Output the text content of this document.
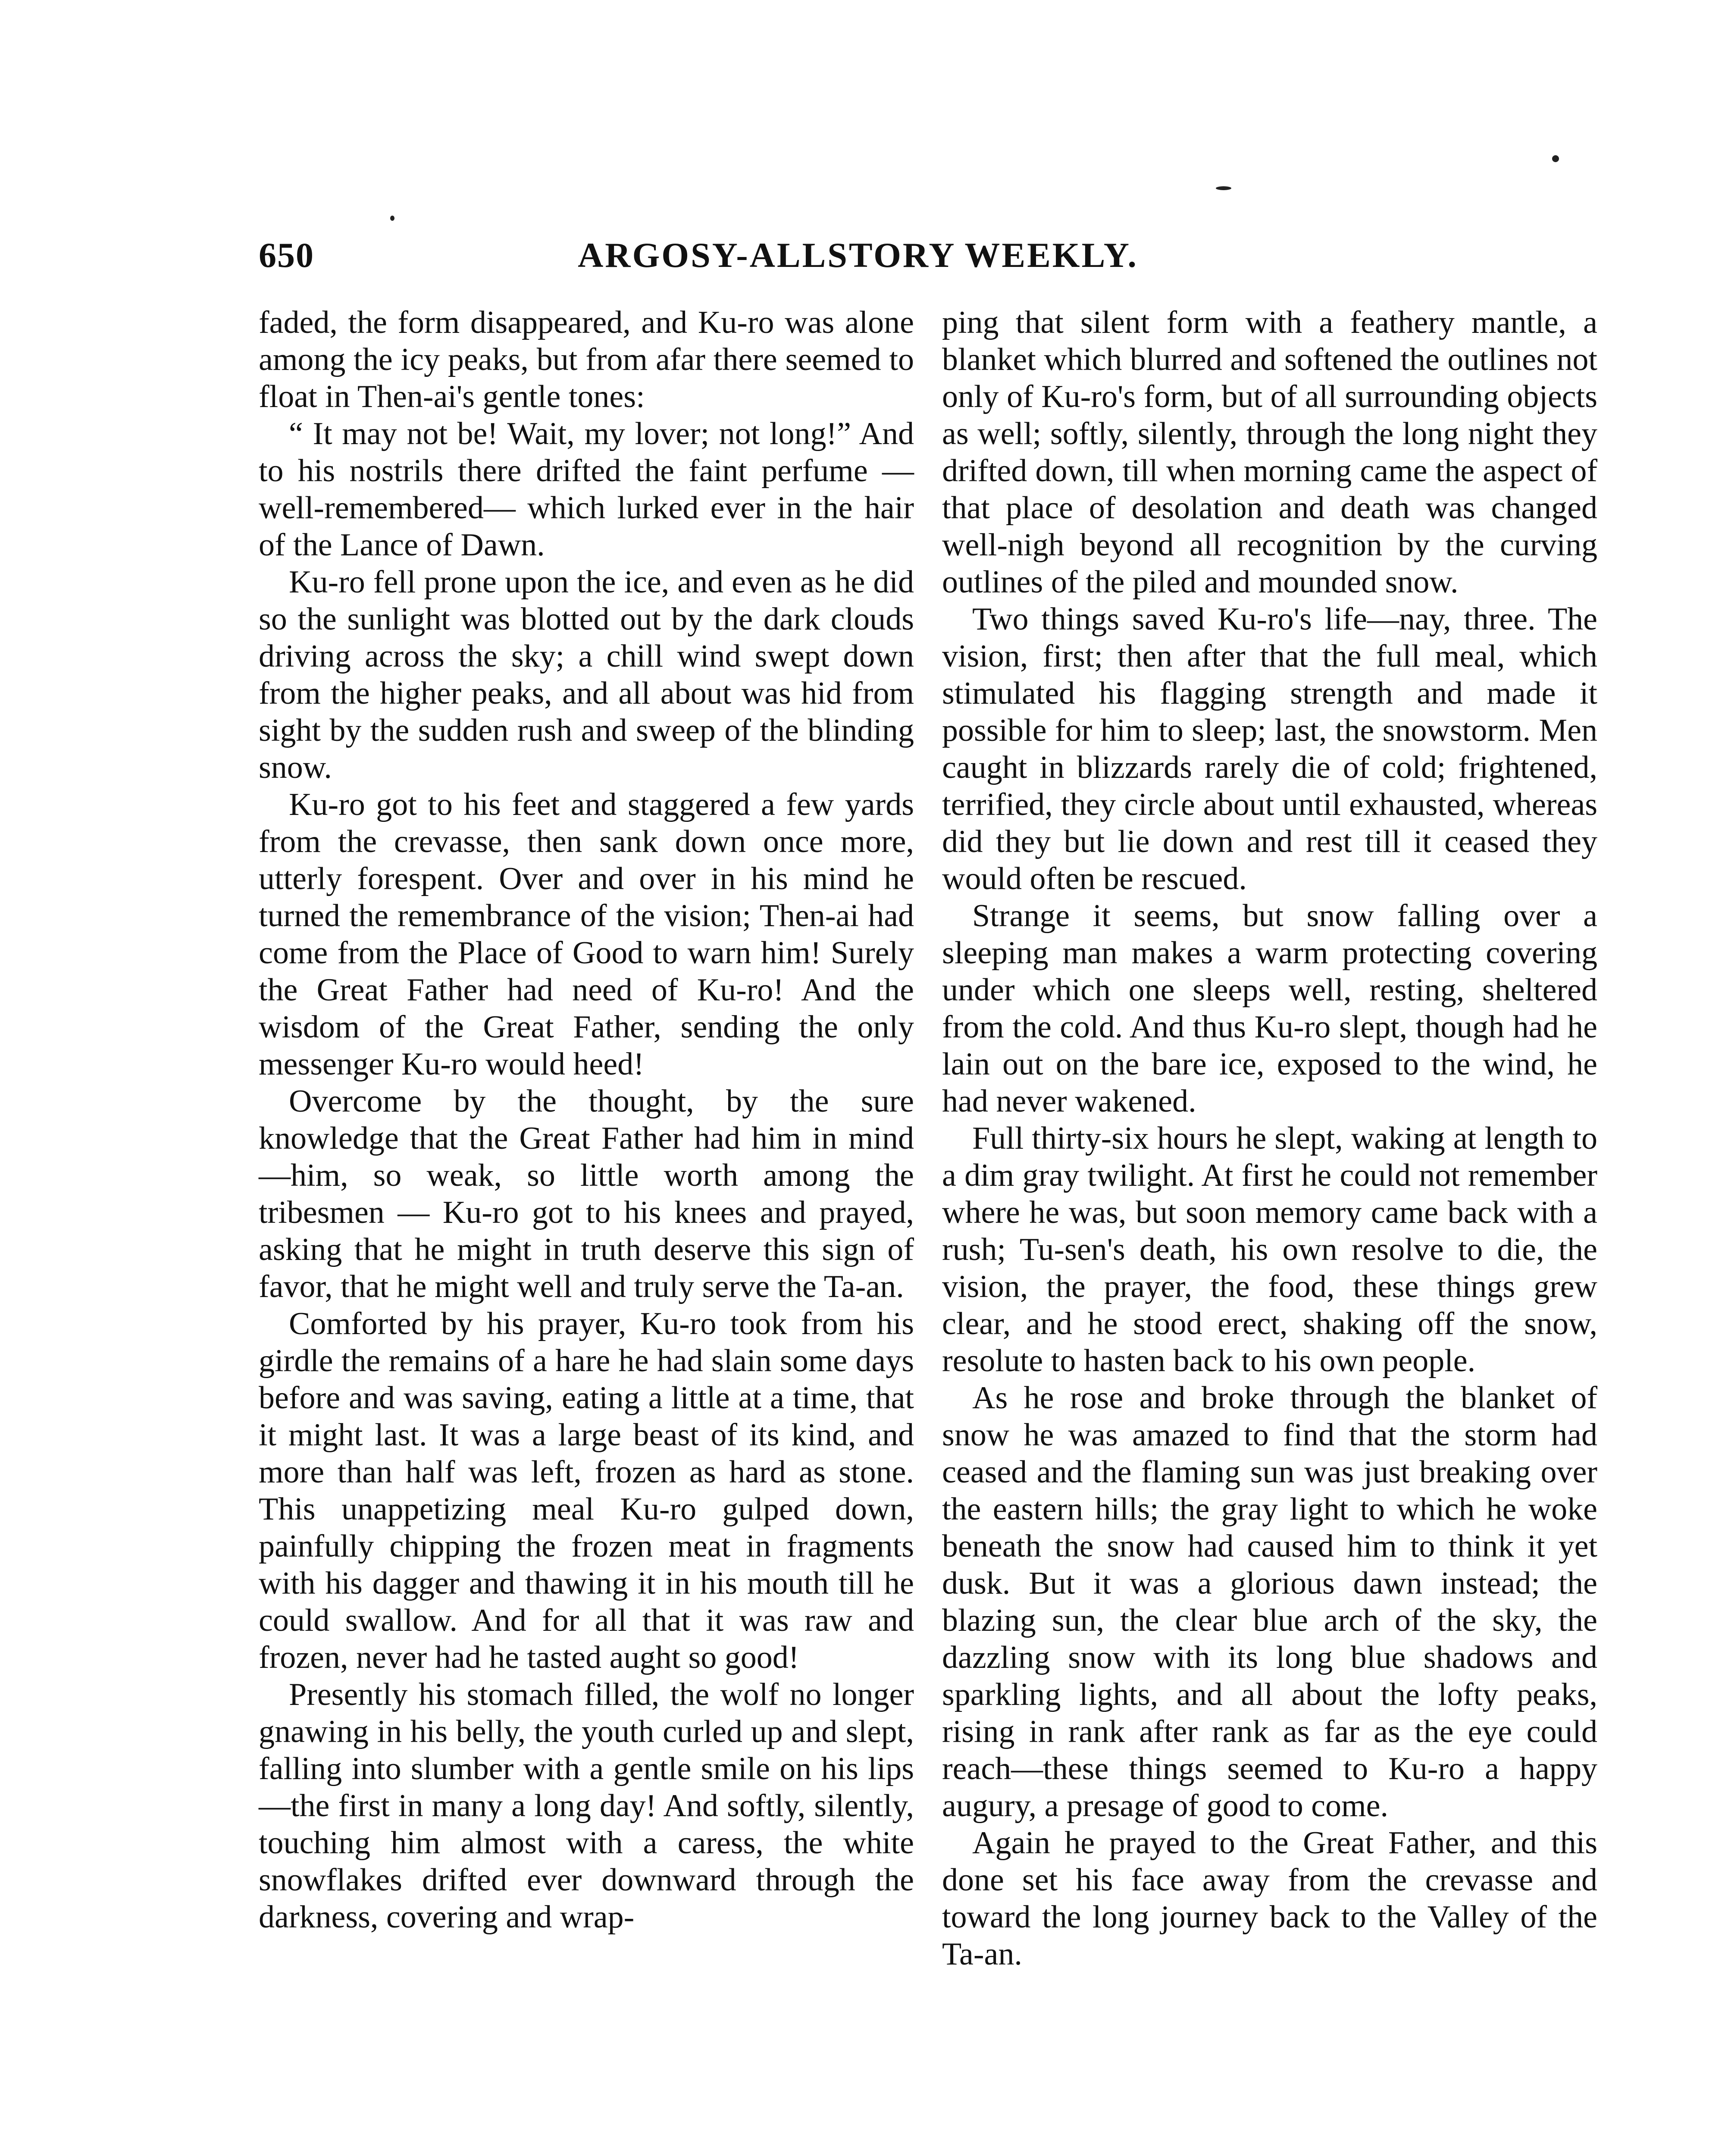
650	ARGOSY-ALLSTORY WEEKLY.

faded, the form disappeared, and Ku-ro was alone among the icy peaks, but from afar there seemed to float in Then-ai's gentle tones:

“ It may not be! Wait, my lover; not long!” And to his nostrils there drifted the faint perfume — well-remembered— which lurked ever in the hair of the Lance of Dawn.

Ku-ro fell prone upon the ice, and even as he did so the sunlight was blotted out by the dark clouds driving across the sky; a chill wind swept down from the higher peaks, and all about was hid from sight by the sudden rush and sweep of the blinding snow.

Ku-ro got to his feet and staggered a few yards from the crevasse, then sank down once more, utterly forespent. Over and over in his mind he turned the remembrance of the vision; Then-ai had come from the Place of Good to warn him! Surely the Great Father had need of Ku-ro! And the wisdom of the Great Father, sending the only messenger Ku-ro would heed!

Overcome by the thought, by the sure knowledge that the Great Father had him in mind—him, so weak, so little worth among the tribesmen — Ku-ro got to his knees and prayed, asking that he might in truth deserve this sign of favor, that he might well and truly serve the Ta-an.

Comforted by his prayer, Ku-ro took from his girdle the remains of a hare he had slain some days before and was saving, eating a little at a time, that it might last. It was a large beast of its kind, and more than half was left, frozen as hard as stone. This unappetizing meal Ku-ro gulped down, painfully chipping the frozen meat in fragments with his dagger and thawing it in his mouth till he could swallow. And for all that it was raw and frozen, never had he tasted aught so good!

Presently his stomach filled, the wolf no longer gnawing in his belly, the youth curled up and slept, falling into slumber with a gentle smile on his lips—the first in many a long day! And softly, silently, touching him almost with a caress, the white snowflakes drifted ever downward through the darkness, covering and wrap-

ping that silent form with a feathery mantle, a blanket which blurred and softened the outlines not only of Ku-ro's form, but of all surrounding objects as well; softly, silently, through the long night they drifted down, till when morning came the aspect of that place of desolation and death was changed well-nigh beyond all recognition by the curving outlines of the piled and mounded snow.

Two things saved Ku-ro's life—nay, three. The vision, first; then after that the full meal, which stimulated his flagging strength and made it possible for him to sleep; last, the snowstorm. Men caught in blizzards rarely die of cold; frightened, terrified, they circle about until exhausted, whereas did they but lie down and rest till it ceased they would often be rescued.

Strange it seems, but snow falling over a sleeping man makes a warm protecting covering under which one sleeps well, resting, sheltered from the cold. And thus Ku-ro slept, though had he lain out on the bare ice, exposed to the wind, he had never wakened.

Full thirty-six hours he slept, waking at length to a dim gray twilight. At first he could not remember where he was, but soon memory came back with a rush; Tu-sen's death, his own resolve to die, the vision, the prayer, the food, these things grew clear, and he stood erect, shaking off the snow, resolute to hasten back to his own people.

As he rose and broke through the blanket of snow he was amazed to find that the storm had ceased and the flaming sun was just breaking over the eastern hills; the gray light to which he woke beneath the snow had caused him to think it yet dusk. But it was a glorious dawn instead; the blazing sun, the clear blue arch of the sky, the dazzling snow with its long blue shadows and sparkling lights, and all about the lofty peaks, rising in rank after rank as far as the eye could reach—these things seemed to Ku-ro a happy augury, a presage of good to come.

Again he prayed to the Great Father, and this done set his face away from the crevasse and toward the long journey back to the Valley of the Ta-an.
